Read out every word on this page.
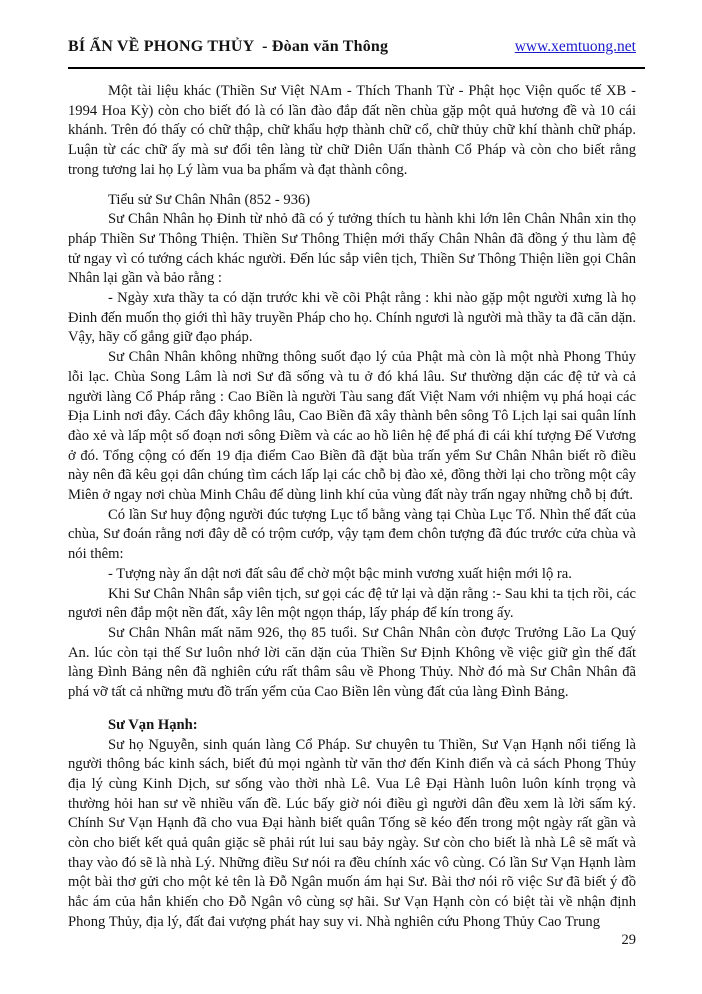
BÍ ẨN VỀ PHONG THỦY  - Đòan văn Thông	www.xemtuong.net

Một tài liệu khác (Thiền Sư Việt NAm - Thích Thanh Từ - Phật học Viện quốc tế XB - 1994 Hoa Kỳ) còn cho biết đó là có lần đào đắp đất nền chùa gặp một quả hương đề và 10 cái khánh. Trên đó thấy có chữ thập, chữ khẩu hợp thành chữ cổ, chữ thủy chữ khí thành chữ pháp. Luận từ các chữ ấy mà sư đổi tên làng từ chữ Diên Uẩn thành Cổ Pháp và còn cho biết rằng trong tương lai họ Lý làm vua ba phẩm và đạt thành công.

Tiểu sử Sư Chân Nhân (852 - 936)

Sư Chân Nhân họ Đinh từ nhỏ đã có ý tưởng thích tu hành khi lớn lên Chân Nhân xin thọ pháp Thiền Sư Thông Thiện. Thiền Sư Thông Thiện mới thấy Chân Nhân đã đồng ý thu làm đệ tử ngay vì có tướng cách khác người. Đến lúc sắp viên tịch, Thiền Sư Thông Thiện liền gọi Chân Nhân lại gần và bảo rằng :

- Ngày xưa thầy ta có dặn trước khi về cõi Phật rằng : khi nào gặp một người xưng là họ Đinh đến muốn thọ giới thì hãy truyền Pháp cho họ. Chính ngươi là người mà thầy ta đã căn dặn. Vậy, hãy cố gắng giữ đạo pháp.

Sư Chân Nhân không những thông suốt đạo lý của Phật mà còn là một nhà Phong Thủy lỗi lạc. Chùa Song Lâm là nơi Sư đã sống và tu ở đó khá lâu. Sư thường dặn các đệ tử và cả người làng Cổ Pháp rằng : Cao Biền là người Tàu sang đất Việt Nam với nhiệm vụ phá hoại các Địa Linh nơi đây. Cách đây không lâu, Cao Biền đã xây thành bên sông Tô Lịch lại sai quân lính đào xẻ và lấp một số đoạn nơi sông Điềm và các ao hồ liên hệ để phá đi cái khí tượng Đế Vương ở đó. Tổng cộng có đến 19 địa điểm Cao Biền đã đặt bùa trấn yểm Sư Chân Nhân biết rõ điều này nên đã kêu gọi dân chúng tìm cách lấp lại các chỗ bị đào xẻ, đồng thời lại cho trồng một cây Miên ở ngay nơi chùa Minh Châu để dùng linh khí của vùng đất này trấn ngay những chỗ bị đứt.

Có lần Sư huy động người đúc tượng Lục tổ bằng vàng tại Chùa Lục Tổ. Nhìn thế đất của chùa, Sư đoán rằng nơi đây dễ có trộm cướp, vậy tạm đem chôn tượng đã đúc trước cửa chùa và nói thêm:

- Tượng này ẩn dật nơi đất sâu để chờ một bậc minh vương xuất hiện mới lộ ra.

Khi Sư Chân Nhân sắp viên tịch, sư gọi các đệ tử lại và dặn rằng :- Sau khi ta tịch rồi, các ngươi nên đắp một nền đất, xây lên một ngọn tháp, lấy pháp để kín trong ấy.

Sư Chân Nhân mất năm 926, thọ 85 tuổi. Sư Chân Nhân còn được Trưởng Lão La Quý An. lúc còn tại thế Sư luôn nhớ lời căn dặn của Thiền Sư Định Không về việc giữ gìn thế đất làng Đình Bảng nên đã nghiên cứu rất thâm sâu về Phong Thủy. Nhờ đó mà Sư Chân Nhân đã phá vỡ tất cả những mưu đồ trấn yểm của Cao Biền lên vùng đất của làng Đình Bảng.

Sư Vạn Hạnh:

Sư họ Nguyễn, sinh quán làng Cổ Pháp. Sư chuyên tu Thiền, Sư Vạn Hạnh nổi tiếng là người thông bác kinh sách, biết đủ mọi ngành từ văn thơ đến Kinh điển và cả sách Phong Thủy địa lý cùng Kinh Dịch, sư sống vào thời nhà Lê. Vua Lê Đại Hành luôn luôn kính trọng và thường hỏi han sư về nhiều vấn đề. Lúc bấy giờ nói điều gì người dân đều xem là lời sấm ký. Chính Sư Vạn Hạnh đã cho vua Đại hành biết quân Tống sẽ kéo đến trong một ngày rất gần và còn cho biết kết quả quân giặc sẽ phải rút lui sau bảy ngày. Sư còn cho biết là nhà Lê sẽ mất và thay vào đó sẽ là nhà Lý. Những điều Sư nói ra đều chính xác vô cùng. Có lần Sư Vạn Hạnh làm một bài thơ gửi cho một kẻ tên là Đỗ Ngân muốn ám hại Sư. Bài thơ nói rõ việc Sư đã biết ý đồ hắc ám của hắn khiến cho Đỗ Ngân vô cùng sợ hãi. Sư Vạn Hạnh còn có biệt tài về nhận định Phong Thủy, địa lý, đất đai vượng phát hay suy vi. Nhà nghiên cứu Phong Thủy Cao Trung

29
